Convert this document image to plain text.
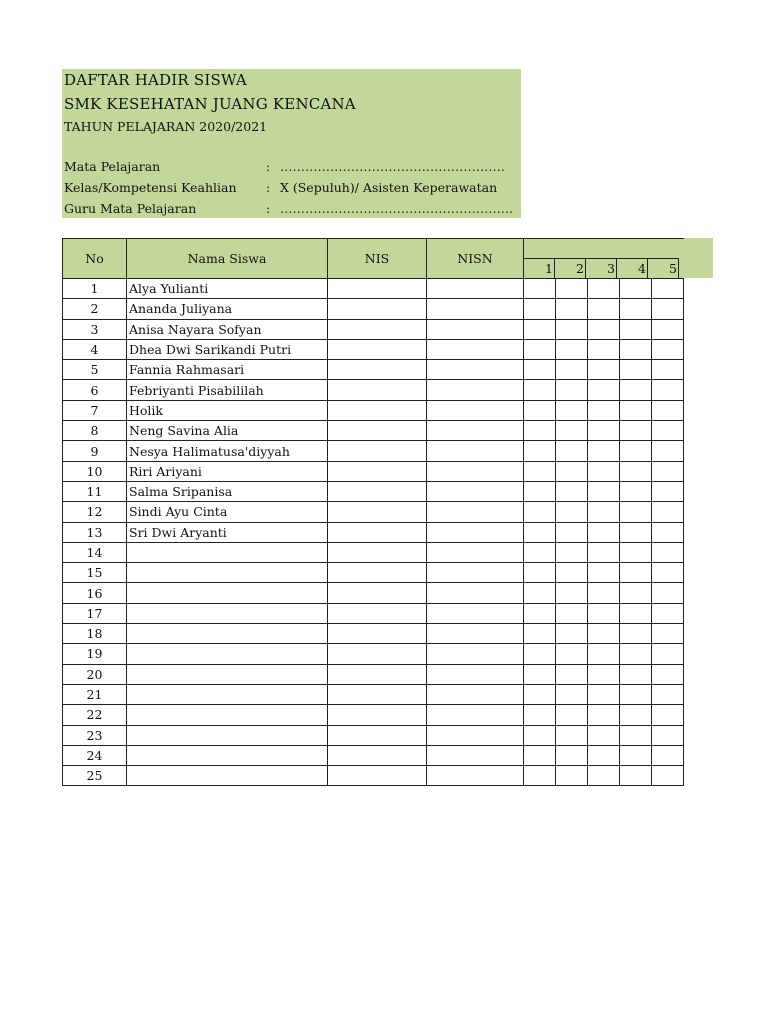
DAFTAR HADIR SISWA
SMK KESEHATAN JUANG KENCANA
TAHUN PELAJARAN 2020/2021
Mata Pelajaran	: ………………………………………………
Kelas/Kompetensi Keahlian : X (Sepuluh)/ Asisten Keperawatan
Guru Mata Pelajaran	: ………………………………………………..
No	Nama Siswa	NIS	NISN	1 2 3 4 5				

1	Alya Yulianti							
2	Ananda Juliyana							
3	Anisa Nayara Sofyan							
4	Dhea Dwi Sarikandi Putri							
5	Fannia Rahmasari							
6	Febriyanti Pisabililah							
7	Holik							
8	Neng Savina Alia							
9	Nesya Halimatusa'diyyah							
10	Riri Ariyani							
11	Salma Sripanisa							
12	Sindi Ayu Cinta							
13	Sri Dwi Aryanti							
14								
15								
16								
17								
18								
19								
20								
21								
22								
23								
24								
25								
